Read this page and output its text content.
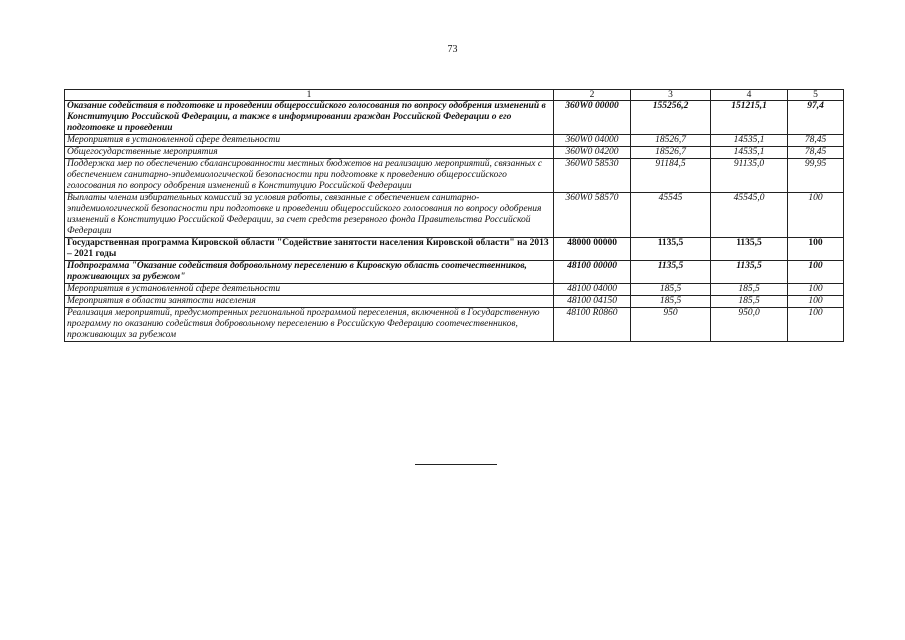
73
1	2	3	4	5
Оказание содействия в подготовке и проведении общероссийского голосования по вопросу одобрения изменений в Конституцию Российской Федерации, а также в информировании граждан Российской Федерации о его подготовке и проведении	360W0 00000	155256,2	151215,1	97,4
Мероприятия в установленной сфере деятельности	360W0 04000	18526,7	14535,1	78,45
Общегосударственные мероприятия	360W0 04200	18526,7	14535,1	78,45
Поддержка мер по обеспечению сбалансированности местных бюджетов на реализацию мероприятий, связанных с обеспечением санитарно-эпидемиологической безопасности при подготовке к проведению общероссийского голосования по вопросу одобрения изменений в Конституцию Российской Федерации	360W0 58530	91184,5	91135,0	99,95
Выплаты членам избирательных комиссий за условия работы, связанные с обеспечением санитарно-эпидемиологической безопасности при подготовке и проведении общероссийского голосования по вопросу одобрения изменений в Конституцию Российской Федерации, за счет средств резервного фонда Правительства Российской Федерации	360W0 58570	45545	45545,0	100
Государственная программа Кировской области "Содействие занятости населения Кировской области" на 2013 – 2021 годы	48000 00000	1135,5	1135,5	100
Подпрограмма "Оказание содействия добровольному переселению в Кировскую область соотечественников, проживающих за рубежом"	48100 00000	1135,5	1135,5	100
Мероприятия в установленной сфере деятельности	48100 04000	185,5	185,5	100
Мероприятия в области занятости населения	48100 04150	185,5	185,5	100
Реализация мероприятий, предусмотренных региональной программой переселения, включенной в Государственную программу по оказанию содействия добровольному переселению в Российскую Федерацию соотечественников, проживающих за рубежом	48100 R0860	950	950,0	100
